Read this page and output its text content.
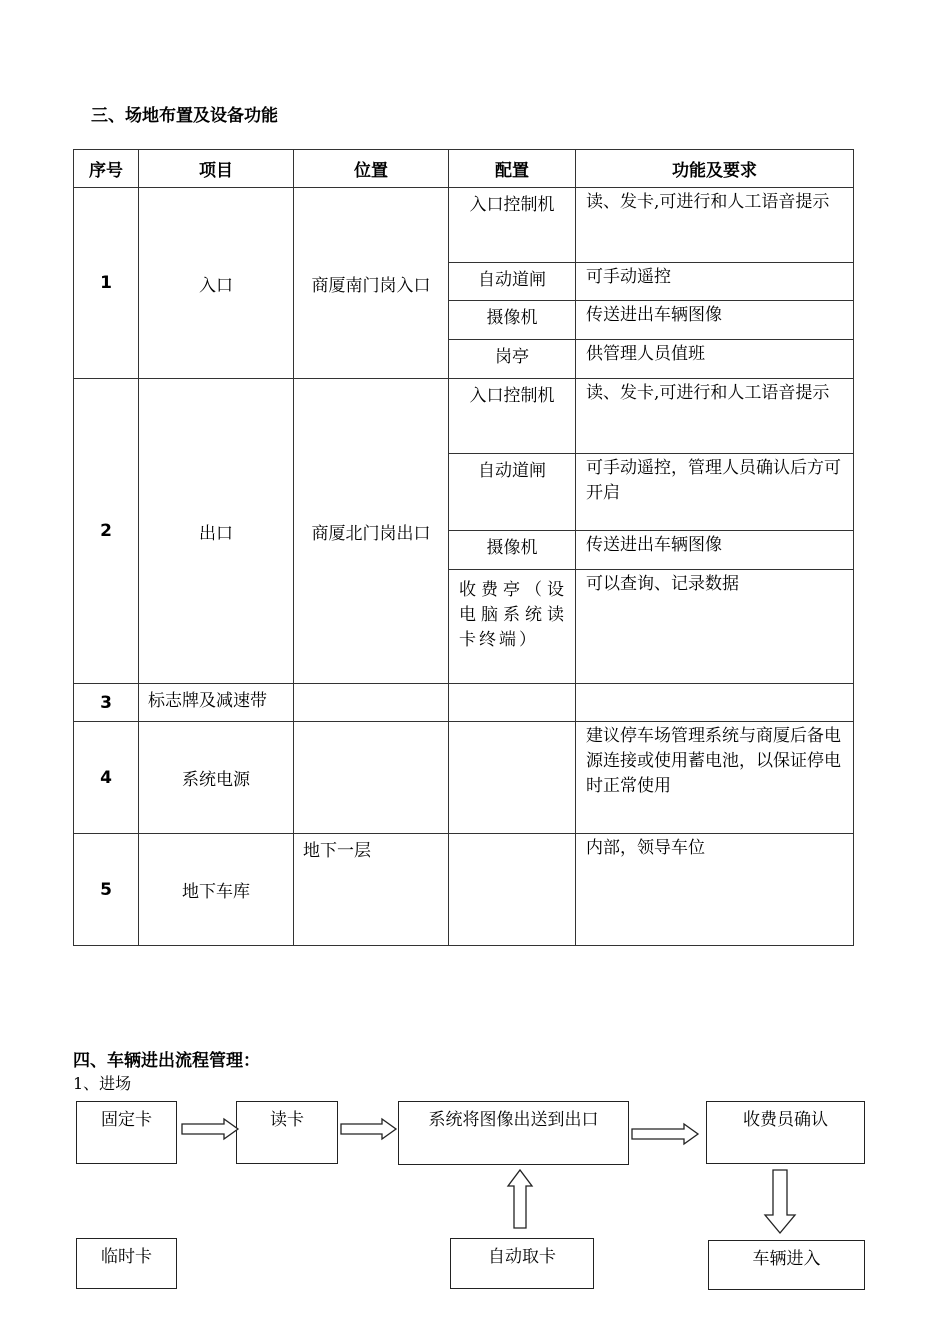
三、场地布置及设备功能
序号	项目	位置	配置	功能及要求
1	入口	商厦南门岗入口	入口控制机	读、发卡,可进行和人工语音提示
			自动道闸	可手动遥控
			摄像机	传送进出车辆图像
			岗亭	供管理人员值班
2	出口	商厦北门岗出口	入口控制机	读、发卡,可进行和人工语音提示
			自动道闸	可手动遥控，管理人员确认后方可开启
			摄像机	传送进出车辆图像
			收费亭（设电脑系统读卡终端）	可以查询、记录数据
3	标志牌及减速带			
4	系统电源			建议停车场管理系统与商厦后备电源连接或使用蓄电池，以保证停电时正常使用
5	地下车库	地下一层		内部，领导车位
四、车辆进出流程管理：
1、进场
固定卡	读卡	系统将图像出送到出口	收费员确认
临时卡	自动取卡	车辆进入
